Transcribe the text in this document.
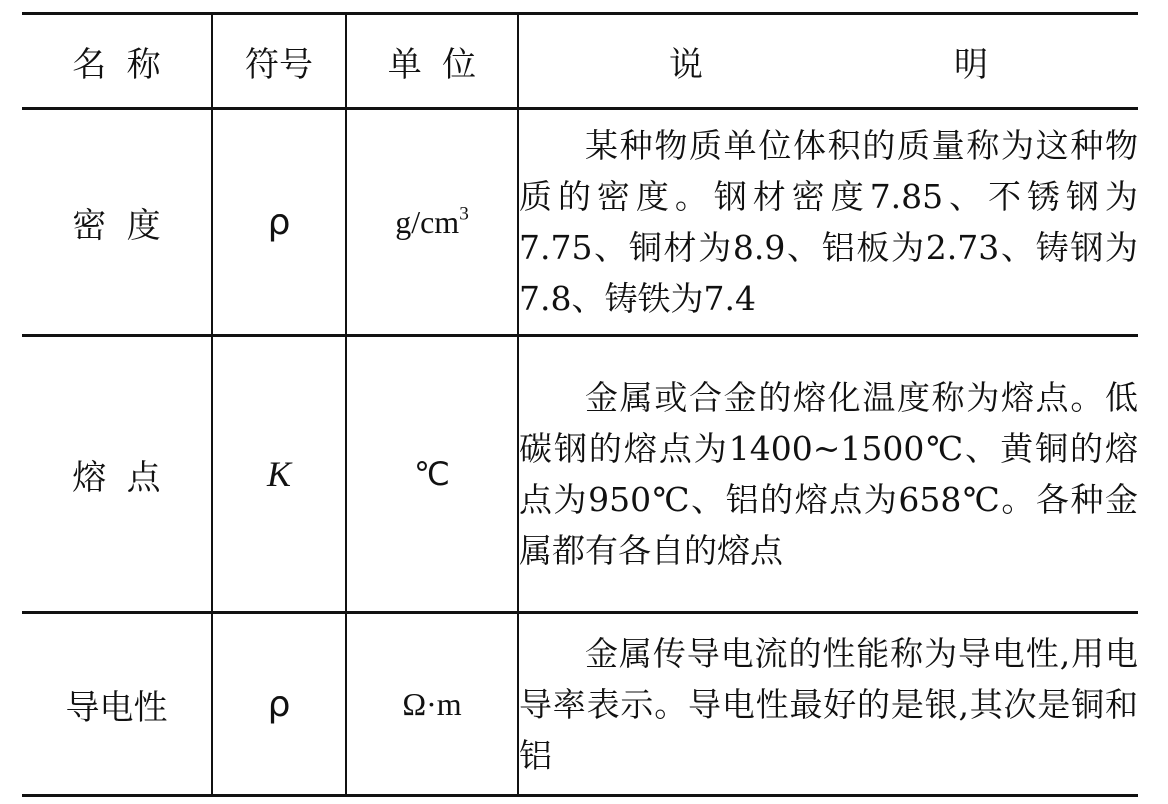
名称	符号	单位	说 明

密度	ρ	$g/cm^3$	某种物质单位体积的质量称为这种物质的密度。钢材密度7.85、不锈钢为7.75、铜材为8.9、铝板为2.73、铸钢为7.8、铸铁为7.4

熔点	K	℃	金属或合金的熔化温度称为熔点。低碳钢的熔点为1400~1500℃、黄铜的熔点为950℃、铝的熔点为658℃。各种金属都有各自的熔点

导电性	ρ	Ω·m	金属传导电流的性能称为导电性,用电导率表示。导电性最好的是银,其次是铜和铝
